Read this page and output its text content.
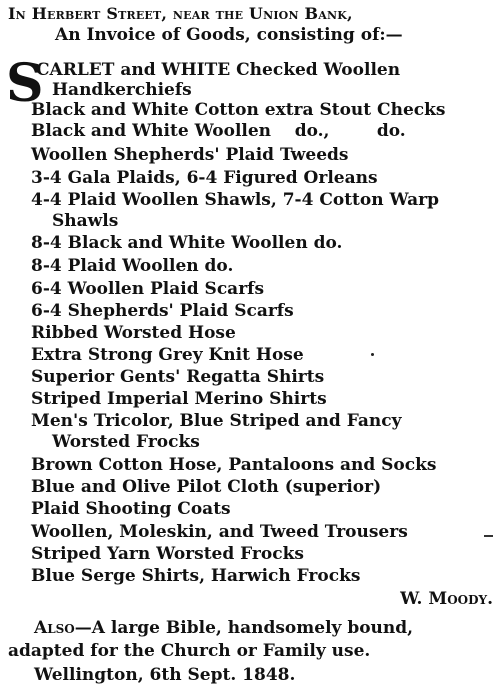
In Herbert Street, near the Union Bank,
An Invoice of Goods, consisting of:—
S
CARLET and WHITE Checked Woollen
Handkerchiefs
Black and White Cotton extra Stout Checks
Black and White Woollen    do.,        do.
Woollen Shepherds' Plaid Tweeds
3-4 Gala Plaids, 6-4 Figured Orleans
4-4 Plaid Woollen Shawls, 7-4 Cotton Warp
Shawls
8-4 Black and White Woollen do.
8-4 Plaid Woollen do.
6-4 Woollen Plaid Scarfs
6-4 Shepherds' Plaid Scarfs
Ribbed Worsted Hose
Extra Strong Grey Knit Hose
Superior Gents' Regatta Shirts
Striped Imperial Merino Shirts
Men's Tricolor, Blue Striped and Fancy
Worsted Frocks
Brown Cotton Hose, Pantaloons and Socks
Blue and Olive Pilot Cloth (superior)
Plaid Shooting Coats
Woollen, Moleskin, and Tweed Trousers
Striped Yarn Worsted Frocks
Blue Serge Shirts, Harwich Frocks
W. Moody.
Also—A large Bible, handsomely bound,
adapted for the Church or Family use.
Wellington, 6th Sept. 1848.
